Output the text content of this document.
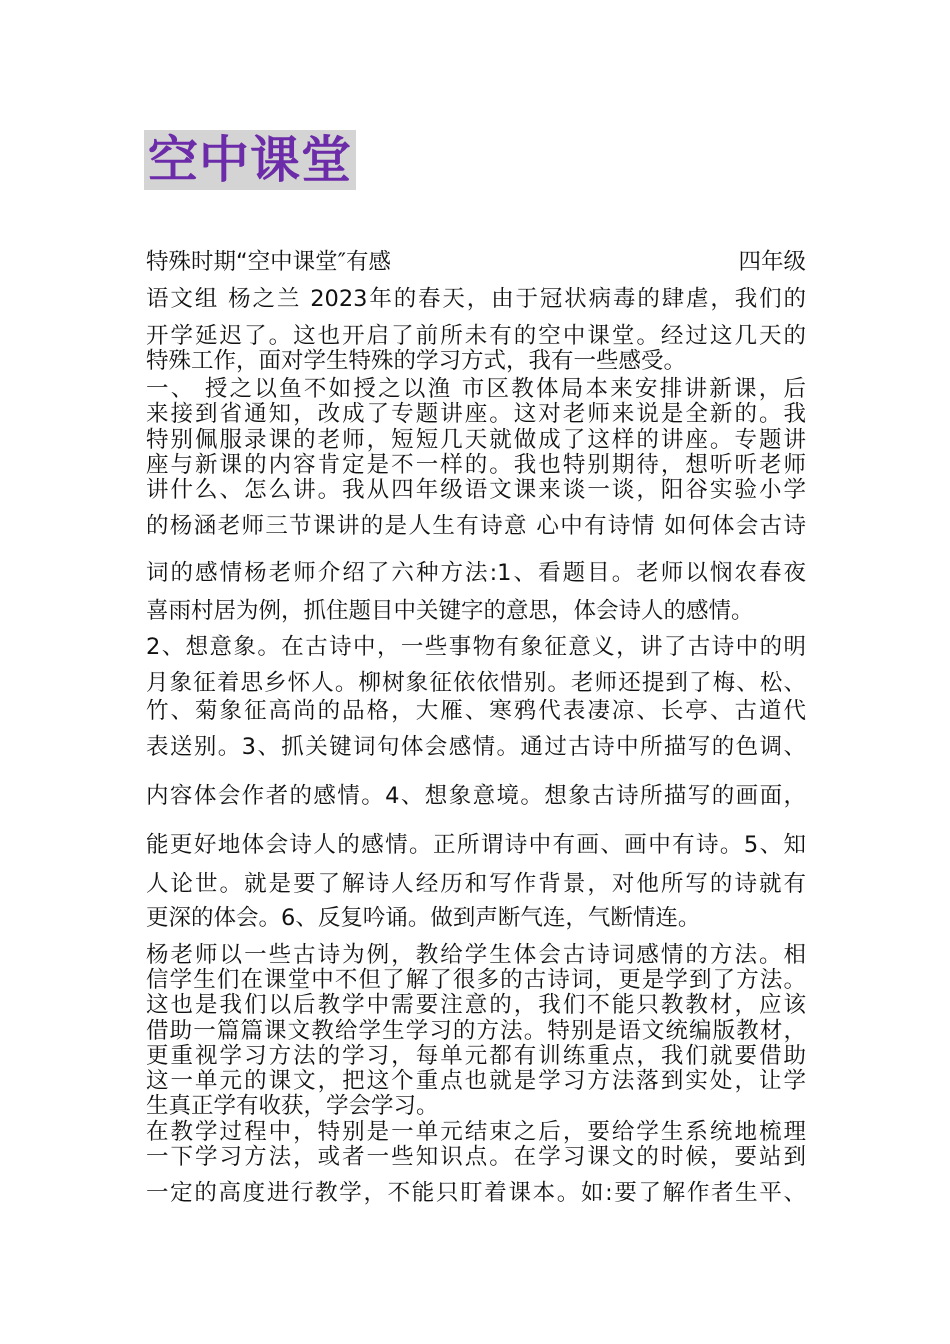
空中课堂
特殊时期“空中课堂″有感	四年级
语文组 杨之兰 2023年的春天，由于冠状病毒的肆虐，我们的
开学延迟了。这也开启了前所未有的空中课堂。经过这几天的
特殊工作，面对学生特殊的学习方式，我有一些感受。
一、 授之以鱼不如授之以渔 市区教体局本来安排讲新课，后
来接到省通知，改成了专题讲座。这对老师来说是全新的。我
特别佩服录课的老师，短短几天就做成了这样的讲座。专题讲
座与新课的内容肯定是不一样的。我也特别期待，想听听老师
讲什么、怎么讲。我从四年级语文课来谈一谈，阳谷实验小学
的杨涵老师三节课讲的是人生有诗意 心中有诗情 如何体会古诗
词的感情杨老师介绍了六种方法:1、看题目。老师以悯农春夜
喜雨村居为例，抓住题目中关键字的意思，体会诗人的感情。
2、想意象。在古诗中，一些事物有象征意义，讲了古诗中的明
月象征着思乡怀人。柳树象征依依惜别。老师还提到了梅、松、
竹、菊象征高尚的品格，大雁、寒鸦代表凄凉、长亭、古道代
表送别。3、抓关键词句体会感情。通过古诗中所描写的色调、
内容体会作者的感情。4、想象意境。想象古诗所描写的画面，
能更好地体会诗人的感情。正所谓诗中有画、画中有诗。5、知
人论世。就是要了解诗人经历和写作背景，对他所写的诗就有
更深的体会。6、反复吟诵。做到声断气连，气断情连。
杨老师以一些古诗为例，教给学生体会古诗词感情的方法。相
信学生们在课堂中不但了解了很多的古诗词，更是学到了方法。
这也是我们以后教学中需要注意的，我们不能只教教材，应该
借助一篇篇课文教给学生学习的方法。特别是语文统编版教材，
更重视学习方法的学习，每单元都有训练重点，我们就要借助
这一单元的课文，把这个重点也就是学习方法落到实处，让学
生真正学有收获，学会学习。
在教学过程中，特别是一单元结束之后，要给学生系统地梳理
一下学习方法，或者一些知识点。在学习课文的时候，要站到
一定的高度进行教学，不能只盯着课本。如:要了解作者生平、
